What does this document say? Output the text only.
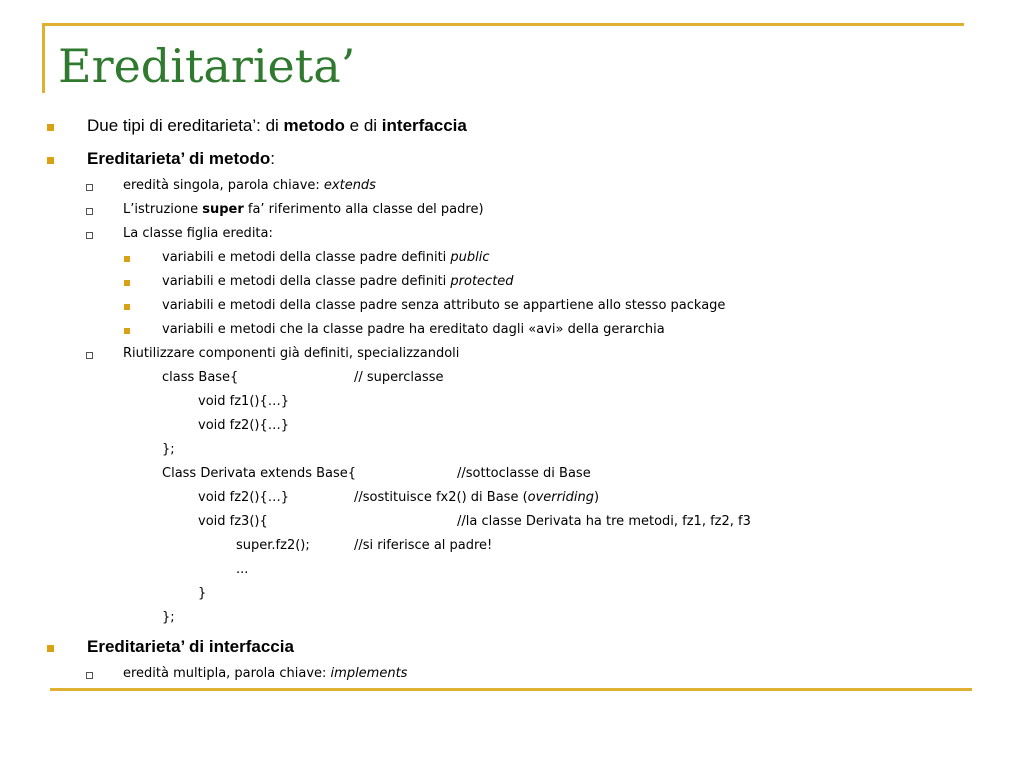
Ereditarieta’
Due tipi di ereditarieta’: di metodo e di interfaccia
Ereditarieta’ di metodo:
eredità singola, parola chiave: extends
L’istruzione super fa’ riferimento alla classe del padre)
La classe figlia eredita:
variabili e metodi della classe padre definiti public
variabili e metodi della classe padre definiti protected
variabili e metodi della classe padre senza attributo se appartiene allo stesso package
variabili e metodi che la classe padre ha ereditato dagli «avi» della gerarchia
Riutilizzare componenti già definiti, specializzandoli
class Base{	// superclasse
void fz1(){…}
void fz2(){…}
};
Class Derivata extends Base{	//sottoclasse di Base
void fz2(){…}	//sostituisce fx2() di Base (overriding)
void fz3(){	//la classe Derivata ha tre metodi, fz1, fz2, f3
super.fz2();	//si riferisce al padre!
...
}
};
Ereditarieta’ di interfaccia
eredità multipla, parola chiave: implements
